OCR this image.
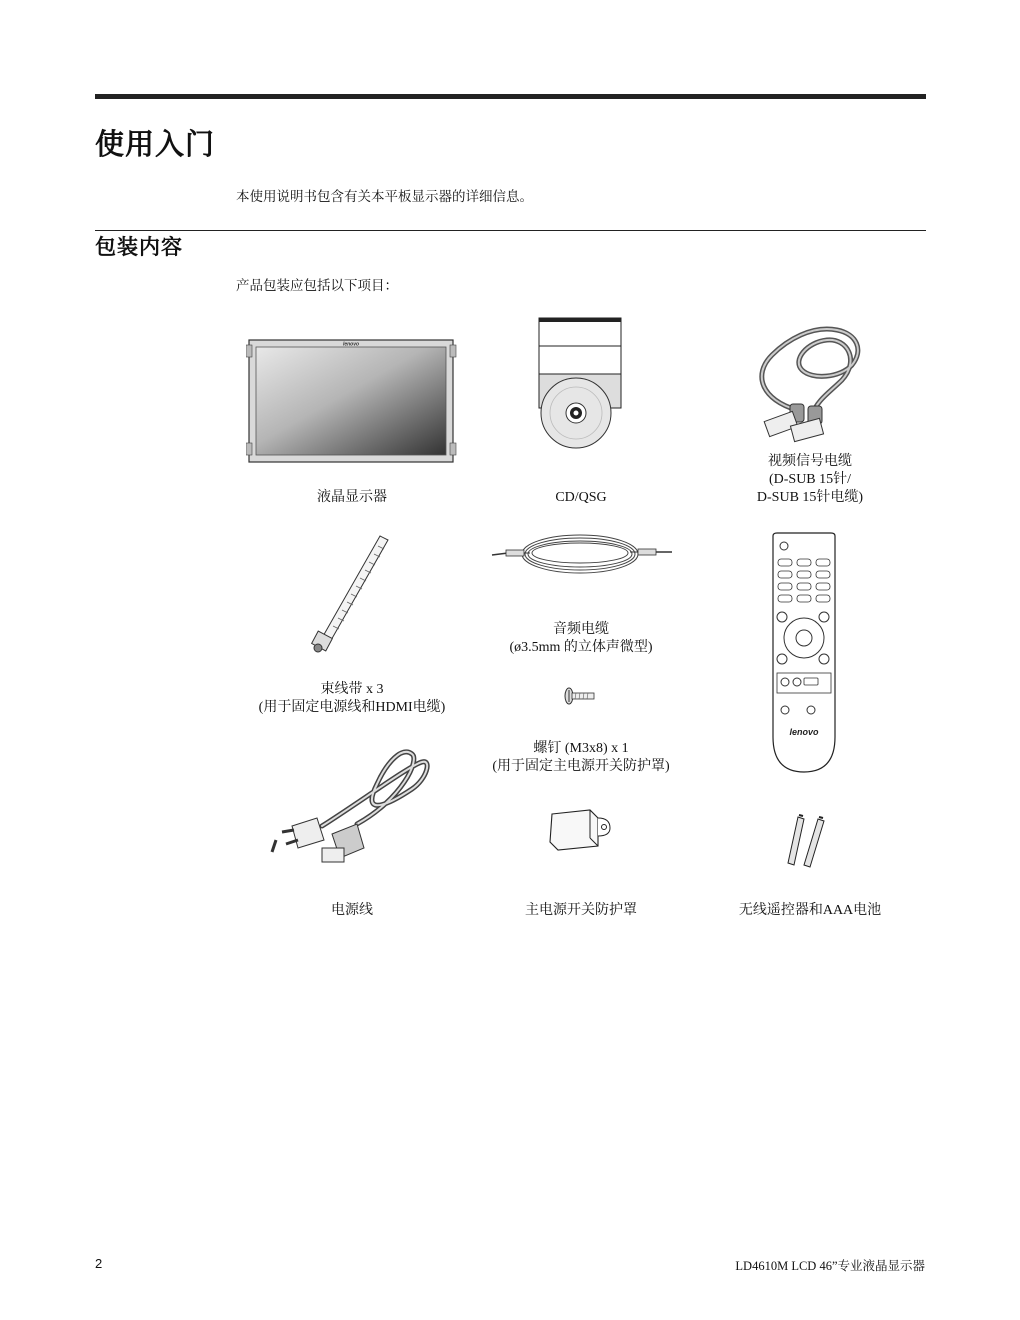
使用入门
本使用说明书包含有关本平板显示器的详细信息。
包装内容
产品包装应包括以下项目：
lenovo
lenovo
液晶显示器	CD/QSG
视频信号电缆
(D-SUB 15针/
D-SUB 15针电缆)
音频电缆
(ø3.5mm 的立体声微型)
束线带 x 3
(用于固定电源线和HDMI电缆)
螺钉 (M3x8) x 1
(用于固定主电源开关防护罩)
电源线	主电源开关防护罩	无线遥控器和AAA电池
2	LD4610M LCD 46”专业液晶显示器
